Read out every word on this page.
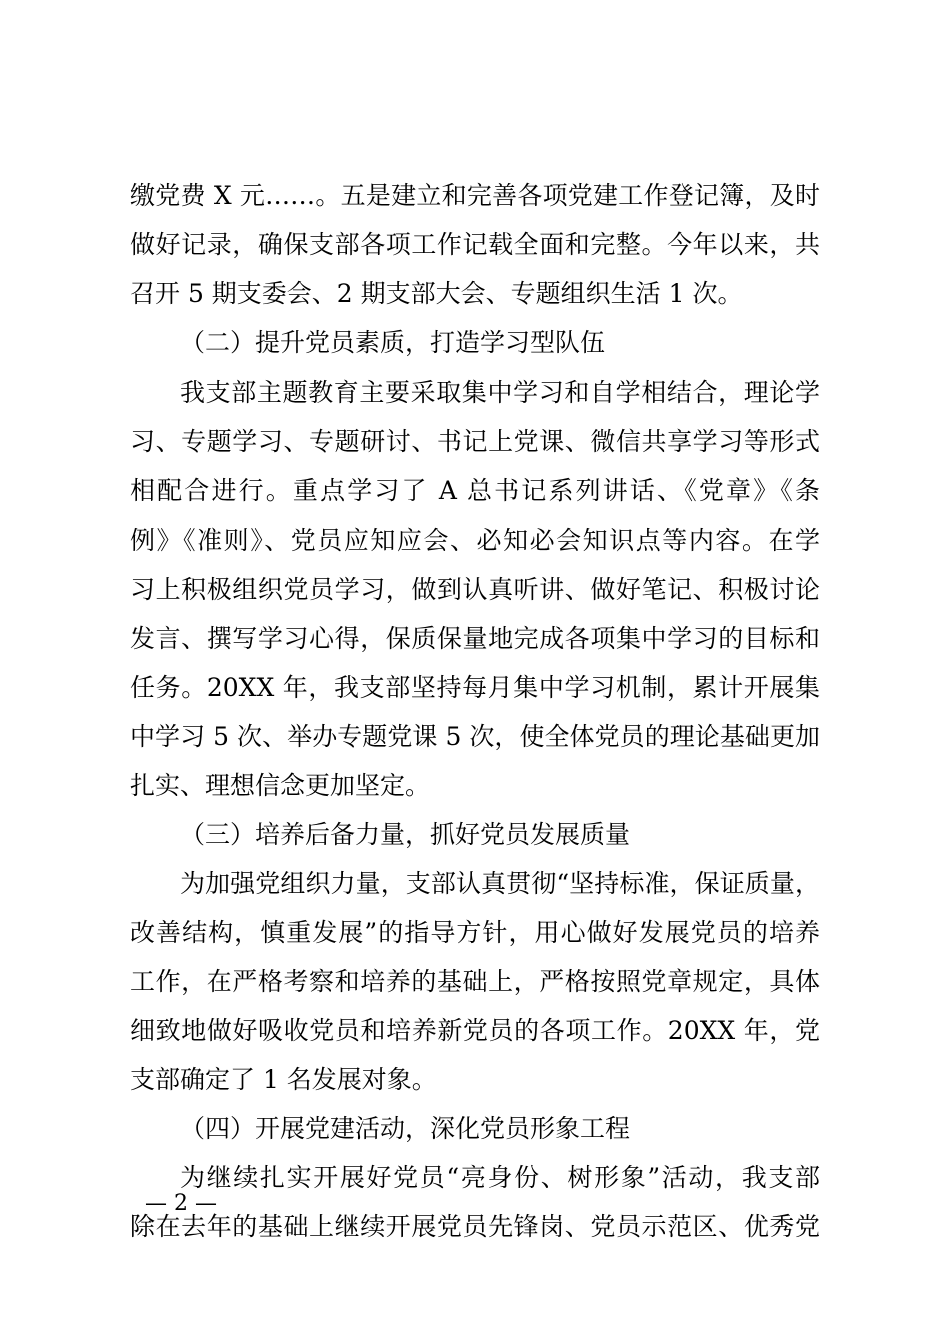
缴党费 X 元……。五是建立和完善各项党建工作登记簿，及时
做好记录，确保支部各项工作记载全面和完整。今年以来，共
召开 5 期支委会、2 期支部大会、专题组织生活 1 次。
（二）提升党员素质，打造学习型队伍
我支部主题教育主要采取集中学习和自学相结合，理论学
习、专题学习、专题研讨、书记上党课、微信共享学习等形式
相配合进行。重点学习了 A 总书记系列讲话、《党章》《条
例》《准则》、党员应知应会、必知必会知识点等内容。在学
习上积极组织党员学习，做到认真听讲、做好笔记、积极讨论
发言、撰写学习心得，保质保量地完成各项集中学习的目标和
任务。20XX 年，我支部坚持每月集中学习机制，累计开展集
中学习 5 次、举办专题党课 5 次，使全体党员的理论基础更加
扎实、理想信念更加坚定。
（三）培养后备力量，抓好党员发展质量
为加强党组织力量，支部认真贯彻“坚持标准，保证质量，
改善结构，慎重发展”的指导方针，用心做好发展党员的培养
工作，在严格考察和培养的基础上，严格按照党章规定，具体
细致地做好吸收党员和培养新党员的各项工作。20XX 年，党
支部确定了 1 名发展对象。
（四）开展党建活动，深化党员形象工程
为继续扎实开展好党员“亮身份、树形象”活动，我支部
除在去年的基础上继续开展党员先锋岗、党员示范区、优秀党
— 2 —
